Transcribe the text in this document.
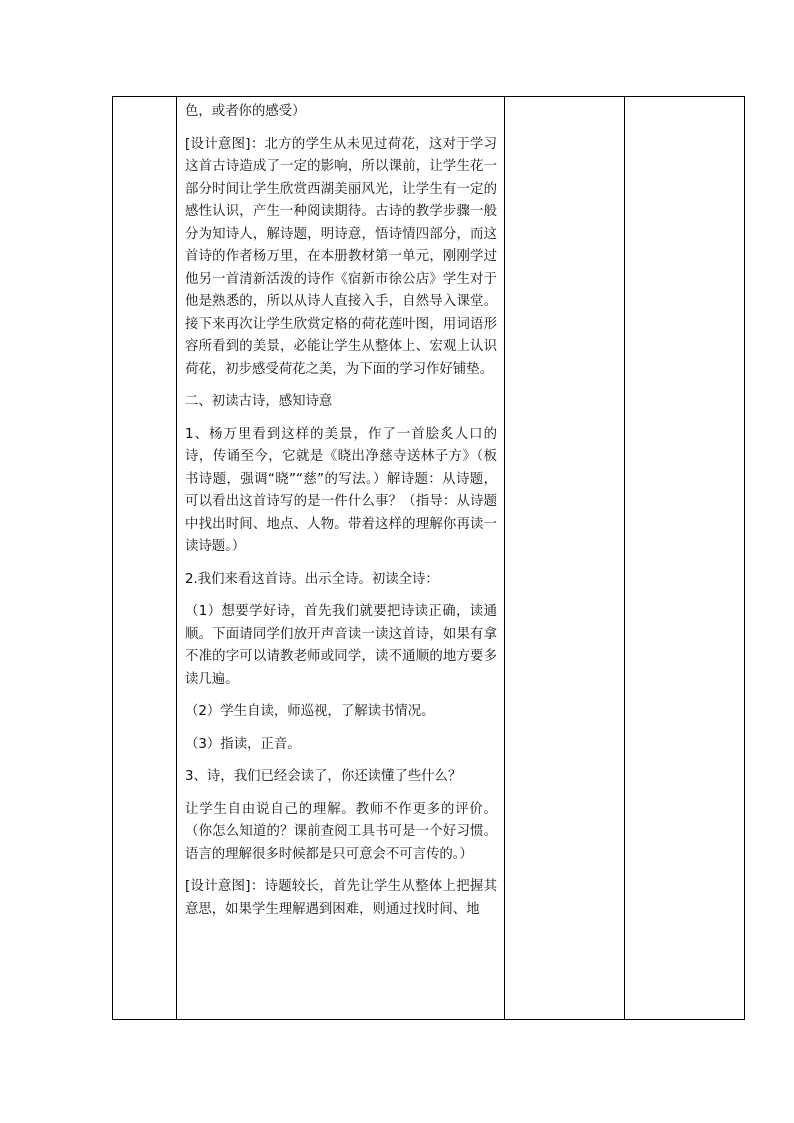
色，或者你的感受）

[设计意图]：北方的学生从未见过荷花，这对于学习这首古诗造成了一定的影响，所以课前，让学生花一部分时间让学生欣赏西湖美丽风光，让学生有一定的感性认识，产生一种阅读期待。古诗的教学步骤一般分为知诗人，解诗题，明诗意，悟诗情四部分，而这首诗的作者杨万里，在本册教材第一单元，刚刚学过他另一首清新活泼的诗作《宿新市徐公店》学生对于他是熟悉的，所以从诗人直接入手，自然导入课堂。接下来再次让学生欣赏定格的荷花莲叶图，用词语形容所看到的美景，必能让学生从整体上、宏观上认识荷花，初步感受荷花之美，为下面的学习作好铺垫。

二、初读古诗，感知诗意

1、杨万里看到这样的美景，作了一首脍炙人口的诗，传诵至今，它就是《晓出净慈寺送林子方》（板书诗题，强调“晓”“慈”的写法。）解诗题：从诗题，可以看出这首诗写的是一件什么事？（指导：从诗题中找出时间、地点、人物。带着这样的理解你再读一读诗题。）

2.我们来看这首诗。出示全诗。初读全诗：

（1）想要学好诗，首先我们就要把诗读正确，读通顺。下面请同学们放开声音读一读这首诗，如果有拿不准的字可以请教老师或同学，读不通顺的地方要多读几遍。

（2）学生自读，师巡视，了解读书情况。

（3）指读，正音。

3、诗，我们已经会读了，你还读懂了些什么？

让学生自由说自己的理解。教师不作更多的评价。（你怎么知道的？课前查阅工具书可是一个好习惯。语言的理解很多时候都是只可意会不可言传的。）

[设计意图]：诗题较长，首先让学生从整体上把握其意思，如果学生理解遇到困难，则通过找时间、地
